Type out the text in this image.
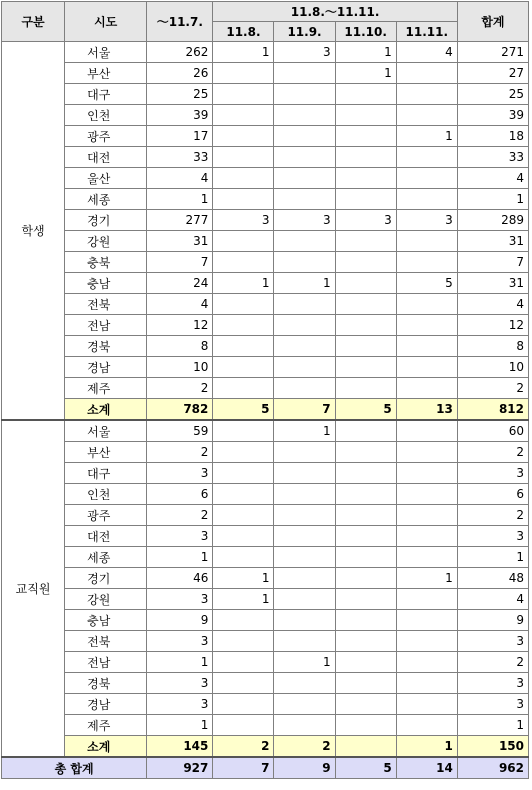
구분	시도	～11.7.	11.8.～11.11.				합계
			11.8.	11.9.	11.10.	11.11.	
학생	서울	262	1	3	1	4	271
	부산	26			1		27
	대구	25					25
	인천	39					39
	광주	17				1	18
	대전	33					33
	울산	4					4
	세종	1					1
	경기	277	3	3	3	3	289
	강원	31					31
	충북	7					7
	충남	24	1	1		5	31
	전북	4					4
	전남	12					12
	경북	8					8
	경남	10					10
	제주	2					2
	소계	782	5	7	5	13	812
교직원	서울	59		1			60
	부산	2					2
	대구	3					3
	인천	6					6
	광주	2					2
	대전	3					3
	세종	1					1
	경기	46	1			1	48
	강원	3	1				4
	충남	9					9
	전북	3					3
	전남	1		1			2
	경북	3					3
	경남	3					3
	제주	1					1
	소계	145	2	2		1	150
총 합계		927	7	9	5	14	962
